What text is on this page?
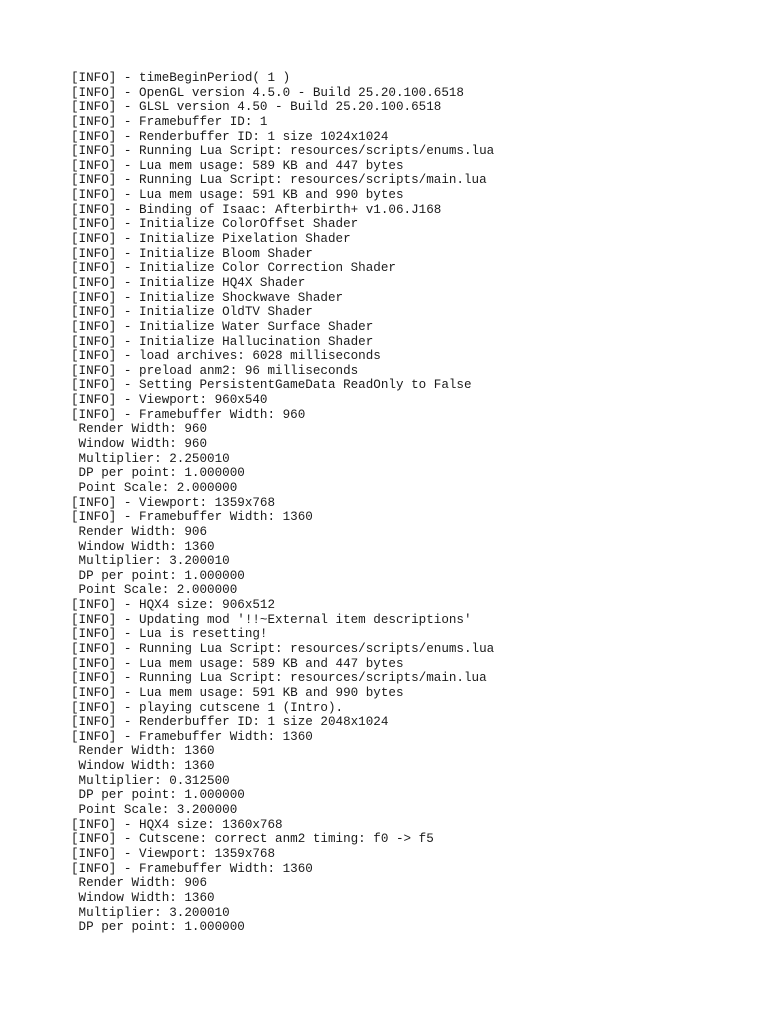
[INFO] - timeBeginPeriod( 1 )
[INFO] - OpenGL version 4.5.0 - Build 25.20.100.6518
[INFO] - GLSL version 4.50 - Build 25.20.100.6518
[INFO] - Framebuffer ID: 1
[INFO] - Renderbuffer ID: 1 size 1024x1024
[INFO] - Running Lua Script: resources/scripts/enums.lua
[INFO] - Lua mem usage: 589 KB and 447 bytes
[INFO] - Running Lua Script: resources/scripts/main.lua
[INFO] - Lua mem usage: 591 KB and 990 bytes
[INFO] - Binding of Isaac: Afterbirth+ v1.06.J168
[INFO] - Initialize ColorOffset Shader
[INFO] - Initialize Pixelation Shader
[INFO] - Initialize Bloom Shader
[INFO] - Initialize Color Correction Shader
[INFO] - Initialize HQ4X Shader
[INFO] - Initialize Shockwave Shader
[INFO] - Initialize OldTV Shader
[INFO] - Initialize Water Surface Shader
[INFO] - Initialize Hallucination Shader
[INFO] - load archives: 6028 milliseconds
[INFO] - preload anm2: 96 milliseconds
[INFO] - Setting PersistentGameData ReadOnly to False
[INFO] - Viewport: 960x540
[INFO] - Framebuffer Width: 960
Render Width: 960
Window Width: 960
Multiplier: 2.250010
DP per point: 1.000000
Point Scale: 2.000000
[INFO] - Viewport: 1359x768
[INFO] - Framebuffer Width: 1360
Render Width: 906
Window Width: 1360
Multiplier: 3.200010
DP per point: 1.000000
Point Scale: 2.000000
[INFO] - HQX4 size: 906x512
[INFO] - Updating mod '!!~External item descriptions'
[INFO] - Lua is resetting!
[INFO] - Running Lua Script: resources/scripts/enums.lua
[INFO] - Lua mem usage: 589 KB and 447 bytes
[INFO] - Running Lua Script: resources/scripts/main.lua
[INFO] - Lua mem usage: 591 KB and 990 bytes
[INFO] - playing cutscene 1 (Intro).
[INFO] - Renderbuffer ID: 1 size 2048x1024
[INFO] - Framebuffer Width: 1360
Render Width: 1360
Window Width: 1360
Multiplier: 0.312500
DP per point: 1.000000
Point Scale: 3.200000
[INFO] - HQX4 size: 1360x768
[INFO] - Cutscene: correct anm2 timing: f0 -> f5
[INFO] - Viewport: 1359x768
[INFO] - Framebuffer Width: 1360
Render Width: 906
Window Width: 1360
Multiplier: 3.200010
DP per point: 1.000000
